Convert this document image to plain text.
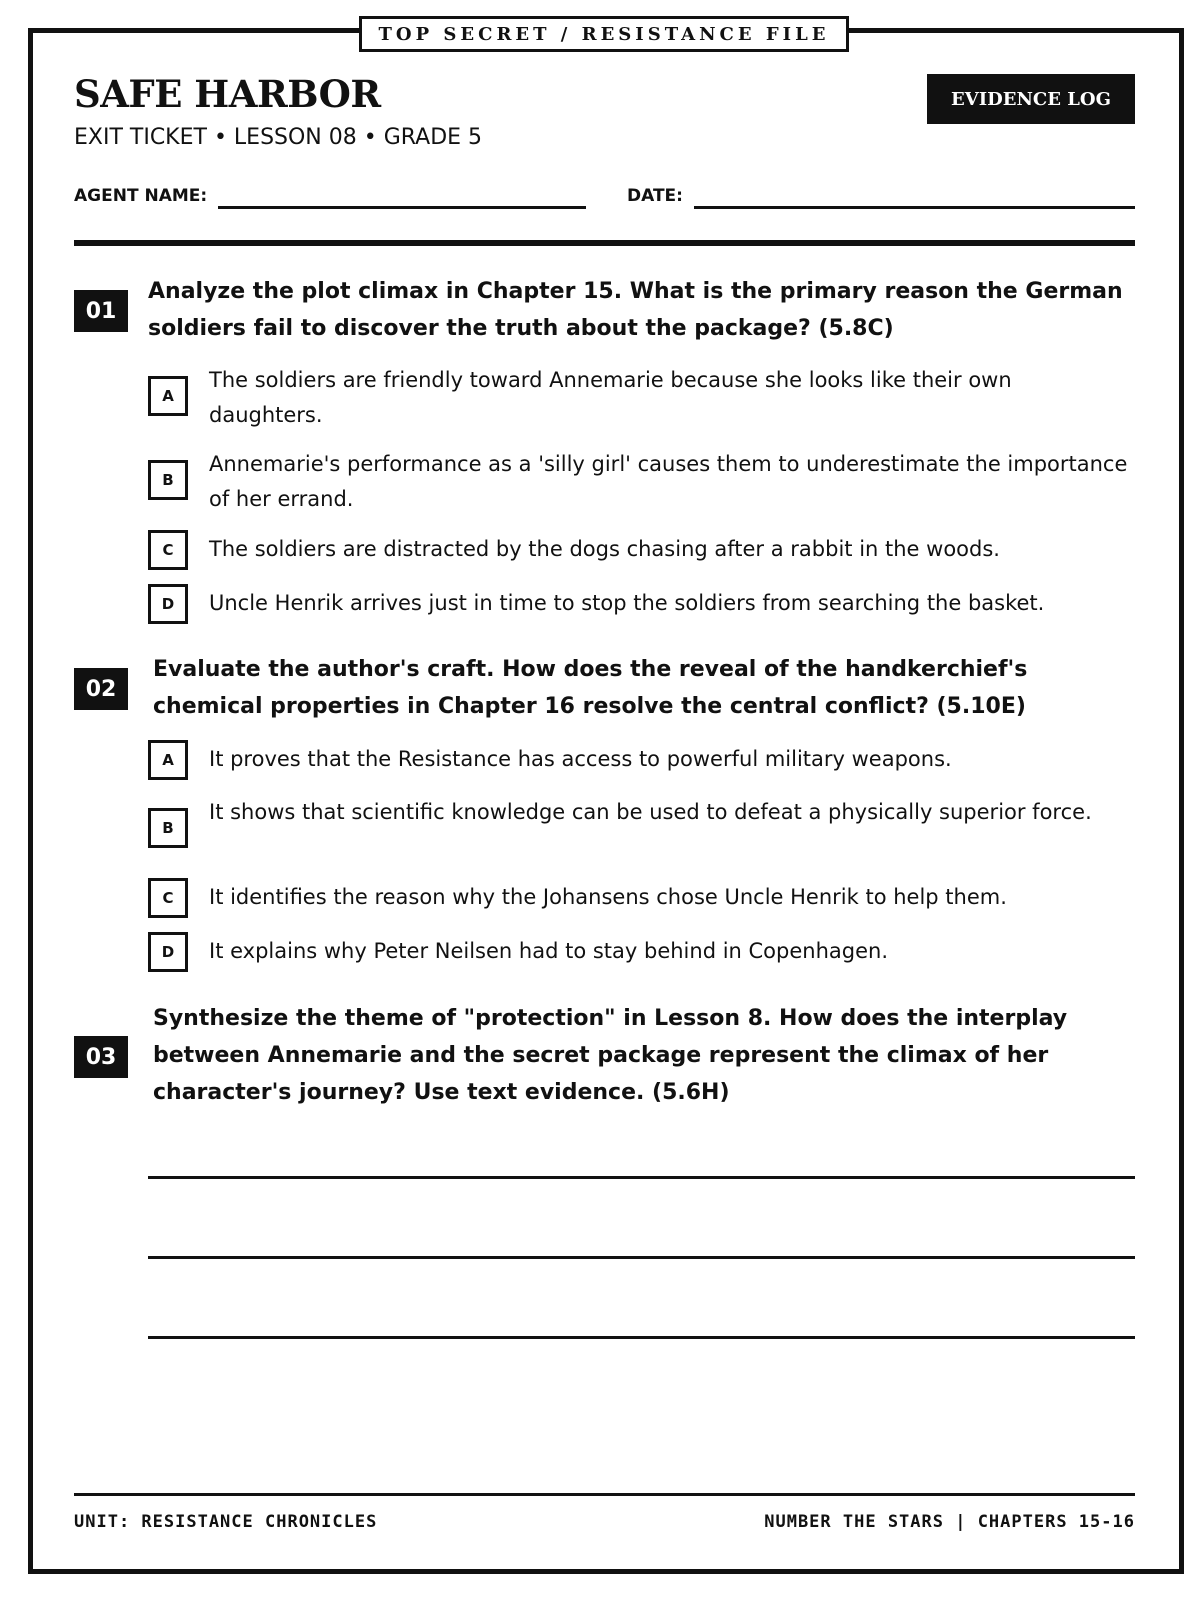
TOP SECRET / RESISTANCE FILE
SAFE HARBOR
EXIT TICKET • LESSON 08 • GRADE 5
EVIDENCE LOG
AGENT NAME:	DATE:
01
Analyze the plot climax in Chapter 15. What is the primary reason the German soldiers fail to discover the truth about the package? (5.8C)
A
The soldiers are friendly toward Annemarie because she looks like their own daughters.
B
Annemarie's performance as a 'silly girl' causes them to underestimate the importance of her errand.
C	The soldiers are distracted by the dogs chasing after a rabbit in the woods.
D	Uncle Henrik arrives just in time to stop the soldiers from searching the basket.
02
Evaluate the author's craft. How does the reveal of the handkerchief's chemical properties in Chapter 16 resolve the central conflict? (5.10E)
A	It proves that the Resistance has access to powerful military weapons.
B
It shows that scientific knowledge can be used to defeat a physically superior force.
C	It identifies the reason why the Johansens chose Uncle Henrik to help them.
D	It explains why Peter Neilsen had to stay behind in Copenhagen.
03
Synthesize the theme of "protection" in Lesson 8. How does the interplay between Annemarie and the secret package represent the climax of her character's journey? Use text evidence. (5.6H)
UNIT: RESISTANCE CHRONICLES	NUMBER THE STARS | CHAPTERS 15-16
